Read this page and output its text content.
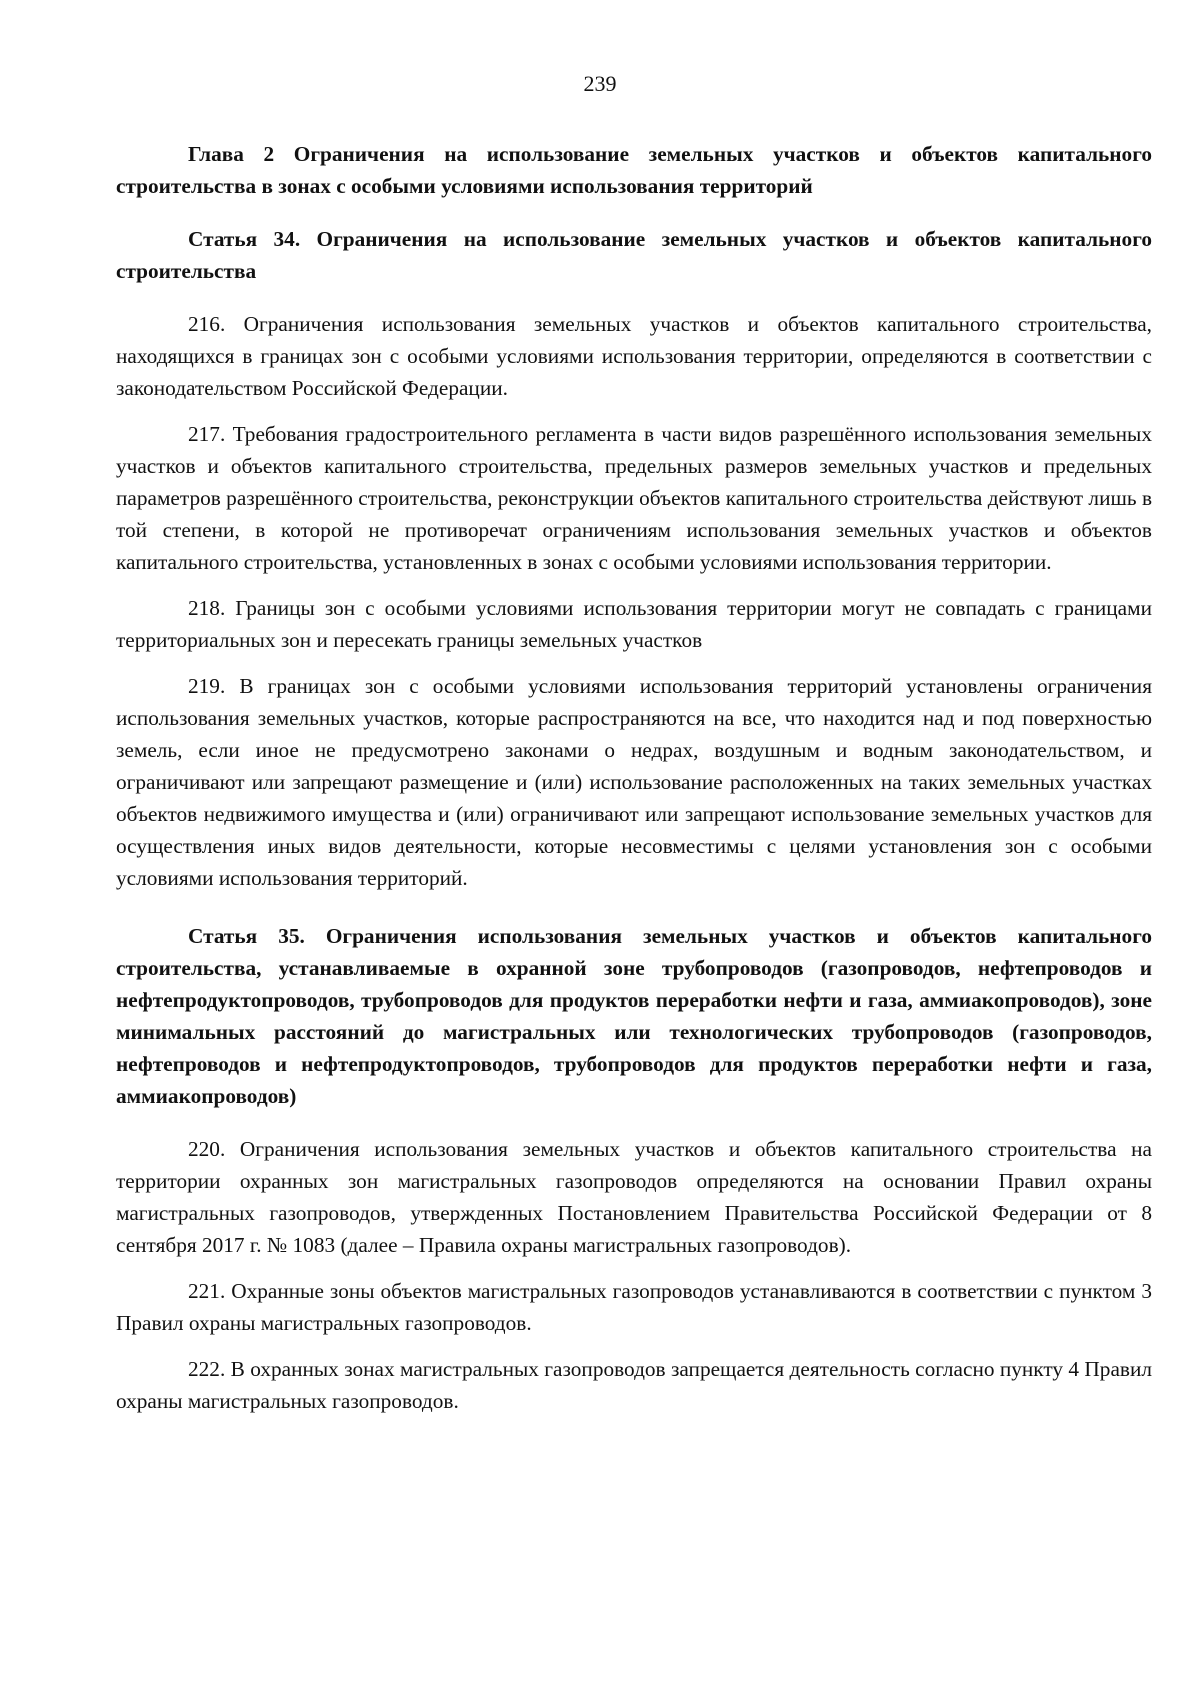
239

Глава 2 Ограничения на использование земельных участков и объектов капитального строительства в зонах с особыми условиями использования территорий

Статья 34. Ограничения на использование земельных участков и объектов капитального строительства

216. Ограничения использования земельных участков и объектов капитального строительства, находящихся в границах зон с особыми условиями использования территории, определяются в соответствии с законодательством Российской Федерации.

217. Требования градостроительного регламента в части видов разрешённого использования земельных участков и объектов капитального строительства, предельных размеров земельных участков и предельных параметров разрешённого строительства, реконструкции объектов капитального строительства действуют лишь в той степени, в которой не противоречат ограничениям использования земельных участков и объектов капитального строительства, установленных в зонах с особыми условиями использования территории.

218. Границы зон с особыми условиями использования территории могут не совпадать с границами территориальных зон и пересекать границы земельных участков

219. В границах зон с особыми условиями использования территорий установлены ограничения использования земельных участков, которые распространяются на все, что находится над и под поверхностью земель, если иное не предусмотрено законами о недрах, воздушным и водным законодательством, и ограничивают или запрещают размещение и (или) использование расположенных на таких земельных участках объектов недвижимого имущества и (или) ограничивают или запрещают использование земельных участков для осуществления иных видов деятельности, которые несовместимы с целями установления зон с особыми условиями использования территорий.

Статья 35. Ограничения использования земельных участков и объектов капитального строительства, устанавливаемые в охранной зоне трубопроводов (газопроводов, нефтепроводов и нефтепродуктопроводов, трубопроводов для продуктов переработки нефти и газа, аммиакопроводов), зоне минимальных расстояний до магистральных или технологических трубопроводов (газопроводов, нефтепроводов и нефтепродуктопроводов, трубопроводов для продуктов переработки нефти и газа, аммиакопроводов)

220. Ограничения использования земельных участков и объектов капитального строительства на территории охранных зон магистральных газопроводов определяются на основании Правил охраны магистральных газопроводов, утвержденных Постановлением Правительства Российской Федерации от 8 сентября 2017 г. № 1083 (далее – Правила охраны магистральных газопроводов).

221. Охранные зоны объектов магистральных газопроводов устанавливаются в соответствии с пунктом 3 Правил охраны магистральных газопроводов.

222. В охранных зонах магистральных газопроводов запрещается деятельность согласно пункту 4 Правил охраны магистральных газопроводов.
